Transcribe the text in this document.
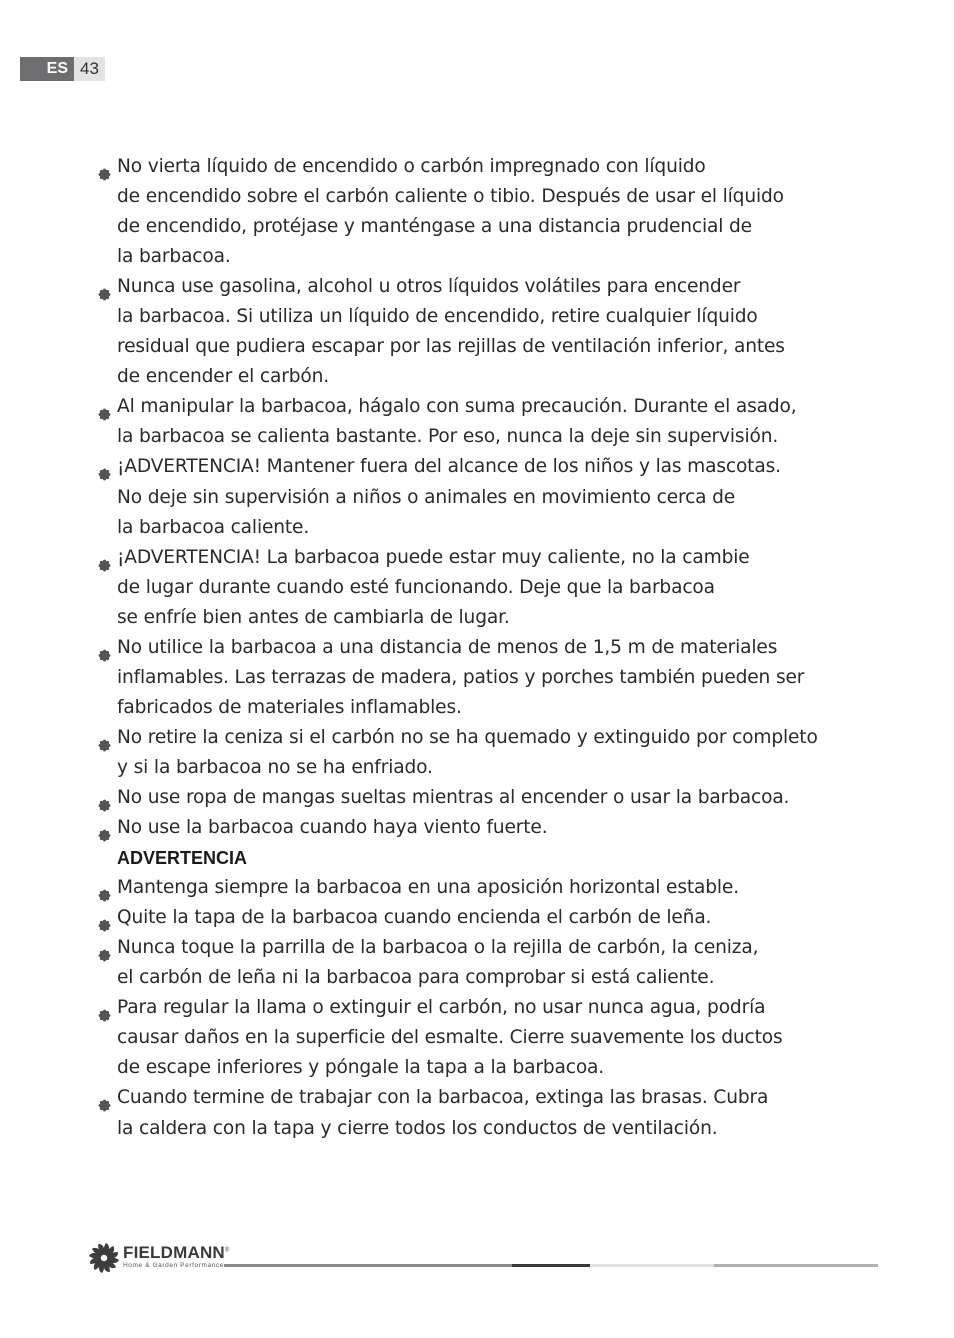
ES 43
No vierta líquido de encendido o carbón impregnado con líquido
de encendido sobre el carbón caliente o tibio. Después de usar el líquido
de encendido, protéjase y manténgase a una distancia prudencial de
la barbacoa.
Nunca use gasolina, alcohol u otros líquidos volátiles para encender
la barbacoa. Si utiliza un líquido de encendido, retire cualquier líquido
residual que pudiera escapar por las rejillas de ventilación inferior, antes
de encender el carbón.
Al manipular la barbacoa, hágalo con suma precaución. Durante el asado,
la barbacoa se calienta bastante. Por eso, nunca la deje sin supervisión.
¡ADVERTENCIA! Mantener fuera del alcance de los niños y las mascotas.
No deje sin supervisión a niños o animales en movimiento cerca de
la barbacoa caliente.
¡ADVERTENCIA! La barbacoa puede estar muy caliente, no la cambie
de lugar durante cuando esté funcionando. Deje que la barbacoa
se enfríe bien antes de cambiarla de lugar.
No utilice la barbacoa a una distancia de menos de 1,5 m de materiales
inflamables. Las terrazas de madera, patios y porches también pueden ser
fabricados de materiales inflamables.
No retire la ceniza si el carbón no se ha quemado y extinguido por completo
y si la barbacoa no se ha enfriado.
No use ropa de mangas sueltas mientras al encender o usar la barbacoa.
No use la barbacoa cuando haya viento fuerte.
ADVERTENCIA
Mantenga siempre la barbacoa en una aposición horizontal estable.
Quite la tapa de la barbacoa cuando encienda el carbón de leña.
Nunca toque la parrilla de la barbacoa o la rejilla de carbón, la ceniza,
el carbón de leña ni la barbacoa para comprobar si está caliente.
Para regular la llama o extinguir el carbón, no usar nunca agua, podría
causar daños en la superficie del esmalte. Cierre suavemente los ductos
de escape inferiores y póngale la tapa a la barbacoa.
Cuando termine de trabajar con la barbacoa, extinga las brasas. Cubra
la caldera con la tapa y cierre todos los conductos de ventilación.
FIELDMANN®
Home & Garden Performance
